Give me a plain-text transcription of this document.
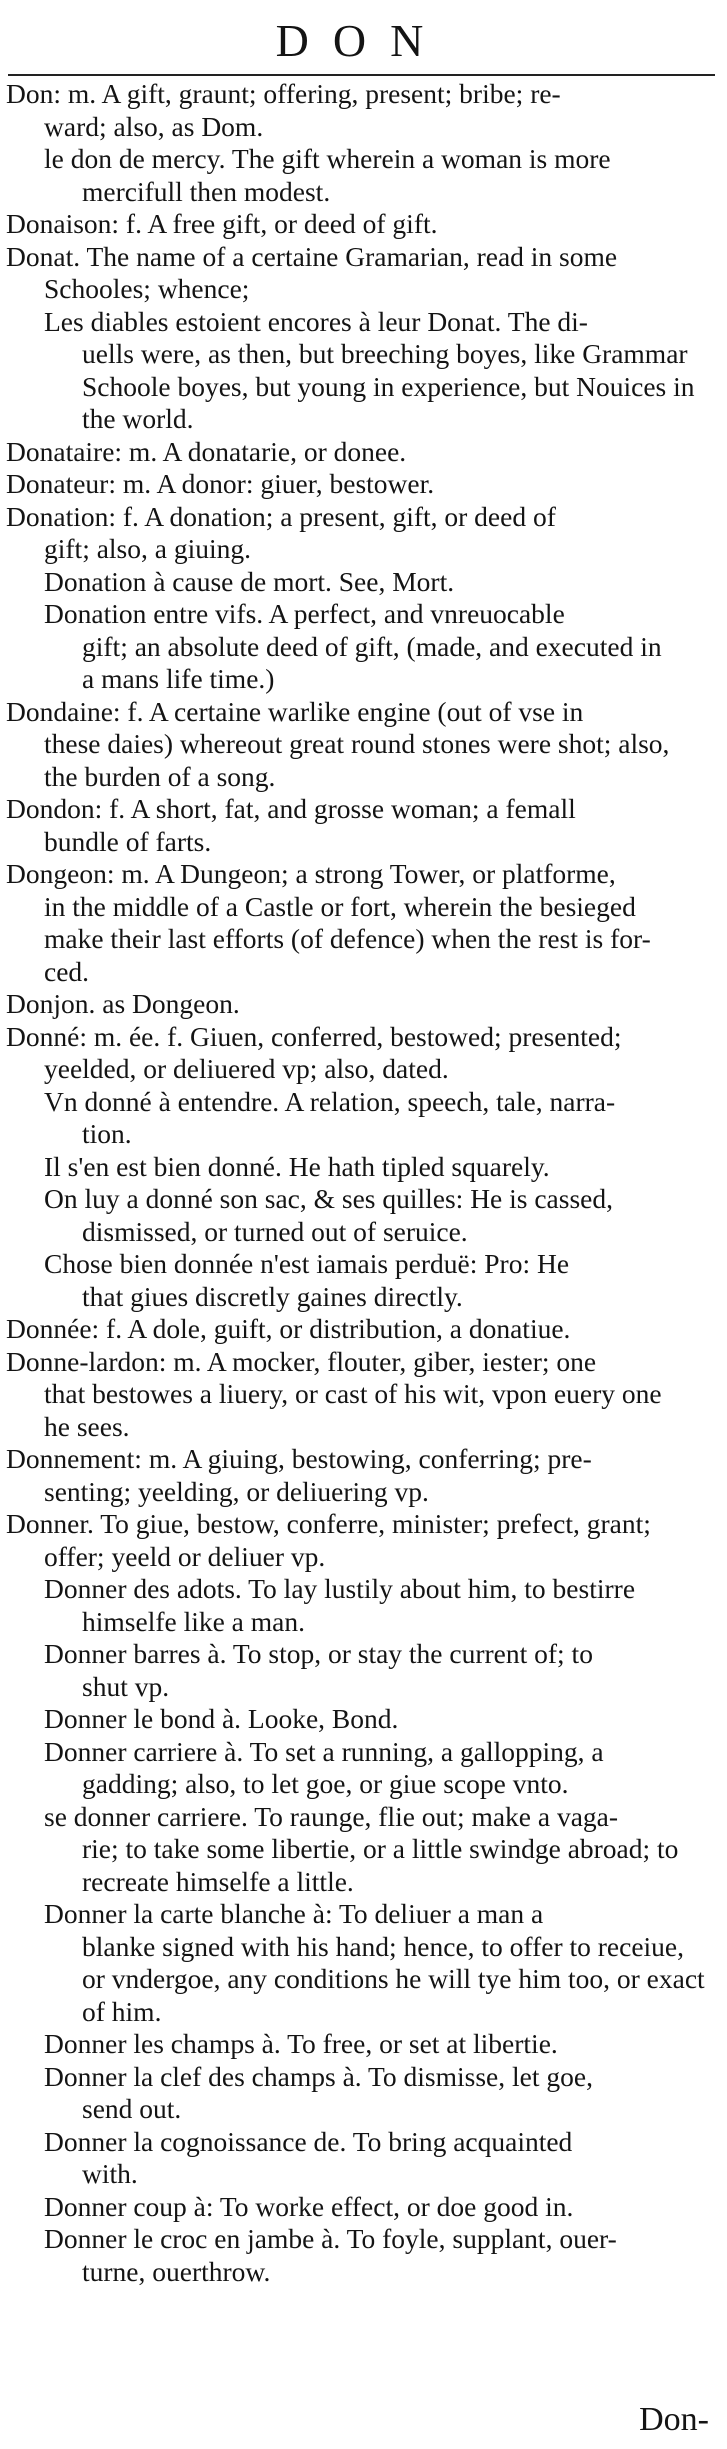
DON
Don: m. A gift, graunt; offering, present; bribe; re-
ward; also, as Dom.
le don de mercy. The gift wherein a woman is more
mercifull then modest.
Donaison: f. A free gift, or deed of gift.
Donat. The name of a certaine Gramarian, read in some
Schooles; whence;
Les diables estoient encores à leur Donat. The di-
uells were, as then, but breeching boyes, like Grammar
Schoole boyes, but young in experience, but Nouices in
the world.
Donataire: m. A donatarie, or donee.
Donateur: m. A donor: giuer, bestower.
Donation: f. A donation; a present, gift, or deed of
gift; also, a giuing.
Donation à cause de mort. See, Mort.
Donation entre vifs. A perfect, and vnreuocable
gift; an absolute deed of gift, (made, and executed in
a mans life time.)
Dondaine: f. A certaine warlike engine (out of vse in
these daies) whereout great round stones were shot; also,
the burden of a song.
Dondon: f. A short, fat, and grosse woman; a femall
bundle of farts.
Dongeon: m. A Dungeon; a strong Tower, or platforme,
in the middle of a Castle or fort, wherein the besieged
make their last efforts (of defence) when the rest is for-
ced.
Donjon. as Dongeon.
Donné: m. ée. f. Giuen, conferred, bestowed; presented;
yeelded, or deliuered vp; also, dated.
Vn donné à entendre. A relation, speech, tale, narra-
tion.
Il s'en est bien donné. He hath tipled squarely.
On luy a donné son sac, & ses quilles: He is cassed,
dismissed, or turned out of seruice.
Chose bien donnée n'est iamais perduë: Pro: He
that giues discretly gaines directly.
Donnée: f. A dole, guift, or distribution, a donatiue.
Donne-lardon: m. A mocker, flouter, giber, iester; one
that bestowes a liuery, or cast of his wit, vpon euery one
he sees.
Donnement: m. A giuing, bestowing, conferring; pre-
senting; yeelding, or deliuering vp.
Donner. To giue, bestow, conferre, minister; prefect, grant;
offer; yeeld or deliuer vp.
Donner des adots. To lay lustily about him, to bestirre
himselfe like a man.
Donner barres à. To stop, or stay the current of; to
shut vp.
Donner le bond à. Looke, Bond.
Donner carriere à. To set a running, a gallopping, a
gadding; also, to let goe, or giue scope vnto.
se donner carriere. To raunge, flie out; make a vaga-
rie; to take some libertie, or a little swindge abroad; to
recreate himselfe a little.
Donner la carte blanche à: To deliuer a man a
blanke signed with his hand; hence, to offer to receiue,
or vndergoe, any conditions he will tye him too, or exact
of him.
Donner les champs à. To free, or set at libertie.
Donner la clef des champs à. To dismisse, let goe,
send out.
Donner la cognoissance de. To bring acquainted
with.
Donner coup à: To worke effect, or doe good in.
Donner le croc en jambe à. To foyle, supplant, ouer-
turne, ouerthrow.
Don-
